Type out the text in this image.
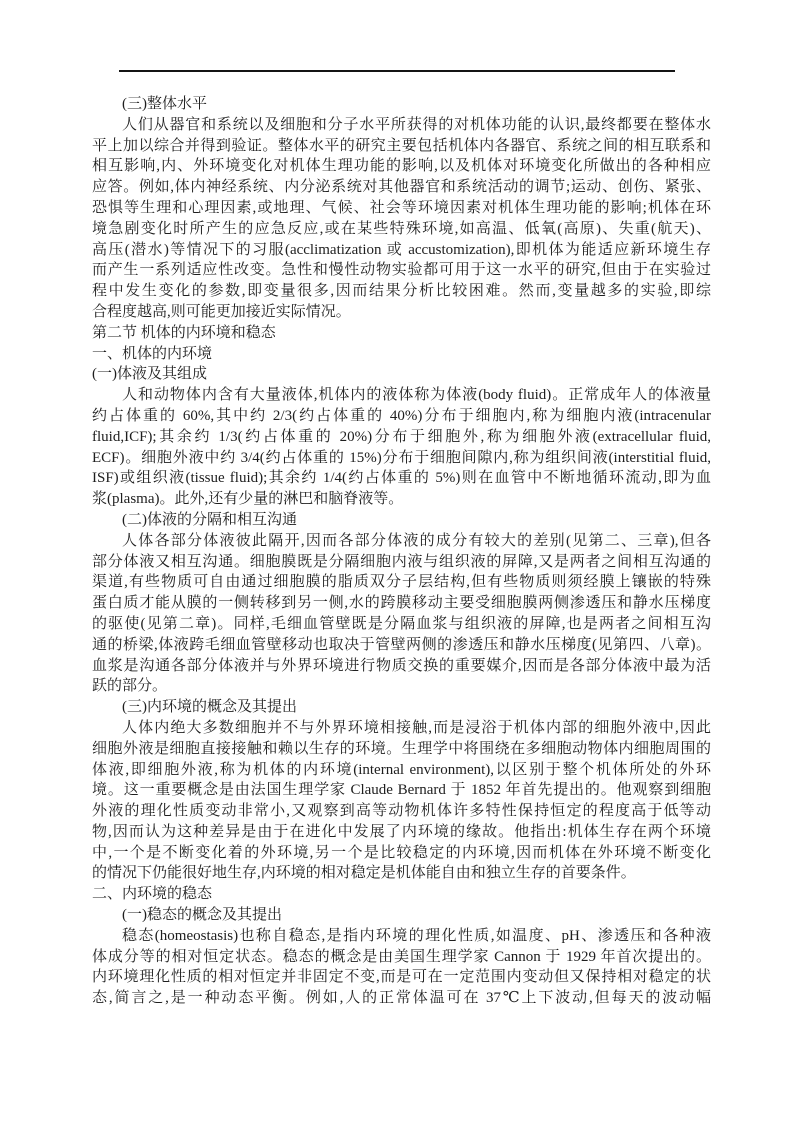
(三)整体水平
人们从器官和系统以及细胞和分子水平所获得的对机体功能的认识,最终都要在整体水
平上加以综合并得到验证。整体水平的研究主要包括机体内各器官、系统之间的相互联系和
相互影响,内、外环境变化对机体生理功能的影响,以及机体对环境变化所做出的各种相应
应答。例如,体内神经系统、内分泌系统对其他器官和系统活动的调节;运动、创伤、紧张、
恐惧等生理和心理因素,或地理、气候、社会等环境因素对机体生理功能的影响;机体在环
境急剧变化时所产生的应急反应,或在某些特殊环境,如高温、低氧(高原)、失重(航天)、
高压(潜水)等情况下的习服(acclimatization 或 accustomization),即机体为能适应新环境生存
而产生一系列适应性改变。急性和慢性动物实验都可用于这一水平的研究,但由于在实验过
程中发生变化的参数,即变量很多,因而结果分析比较困难。然而,变量越多的实验,即综
合程度越高,则可能更加接近实际情况。
第二节 机体的内环境和稳态
一、机体的内环境
(一)体液及其组成
人和动物体内含有大量液体,机体内的液体称为体液(body fluid)。正常成年人的体液量
约占体重的 60%,其中约 2/3(约占体重的 40%)分布于细胞内,称为细胞内液(intracenular
fluid,ICF);其余约 1/3(约占体重的 20%)分布于细胞外,称为细胞外液(extracellular fluid,
ECF)。细胞外液中约 3/4(约占体重的 15%)分布于细胞间隙内,称为组织间液(interstitial fluid,
ISF)或组织液(tissue fluid);其余约 1/4(约占体重的 5%)则在血管中不断地循环流动,即为血
浆(plasma)。此外,还有少量的淋巴和脑脊液等。
(二)体液的分隔和相互沟通
人体各部分体液彼此隔开,因而各部分体液的成分有较大的差别(见第二、三章),但各
部分体液又相互沟通。细胞膜既是分隔细胞内液与组织液的屏障,又是两者之间相互沟通的
渠道,有些物质可自由通过细胞膜的脂质双分子层结构,但有些物质则须经膜上镶嵌的特殊
蛋白质才能从膜的一侧转移到另一侧,水的跨膜移动主要受细胞膜两侧渗透压和静水压梯度
的驱使(见第二章)。同样,毛细血管壁既是分隔血浆与组织液的屏障,也是两者之间相互沟
通的桥梁,体液跨毛细血管壁移动也取决于管壁两侧的渗透压和静水压梯度(见第四、八章)。
血浆是沟通各部分体液并与外界环境进行物质交换的重要媒介,因而是各部分体液中最为活
跃的部分。
(三)内环境的概念及其提出
人体内绝大多数细胞并不与外界环境相接触,而是浸浴于机体内部的细胞外液中,因此
细胞外液是细胞直接接触和赖以生存的环境。生理学中将围绕在多细胞动物体内细胞周围的
体液,即细胞外液,称为机体的内环境(internal environment),以区别于整个机体所处的外环
境。这一重要概念是由法国生理学家 Claude Bernard 于 1852 年首先提出的。他观察到细胞
外液的理化性质变动非常小,又观察到高等动物机体许多特性保持恒定的程度高于低等动
物,因而认为这种差异是由于在进化中发展了内环境的缘故。他指出:机体生存在两个环境
中,一个是不断变化着的外环境,另一个是比较稳定的内环境,因而机体在外环境不断变化
的情况下仍能很好地生存,内环境的相对稳定是机体能自由和独立生存的首要条件。
二、内环境的稳态
(一)稳态的概念及其提出
稳态(homeostasis)也称自稳态,是指内环境的理化性质,如温度、pH、渗透压和各种液
体成分等的相对恒定状态。稳态的概念是由美国生理学家 Cannon 于 1929 年首次提出的。
内环境理化性质的相对恒定并非固定不变,而是可在一定范围内变动但又保持相对稳定的状
态,简言之,是一种动态平衡。例如,人的正常体温可在 37℃上下波动,但每天的波动幅
